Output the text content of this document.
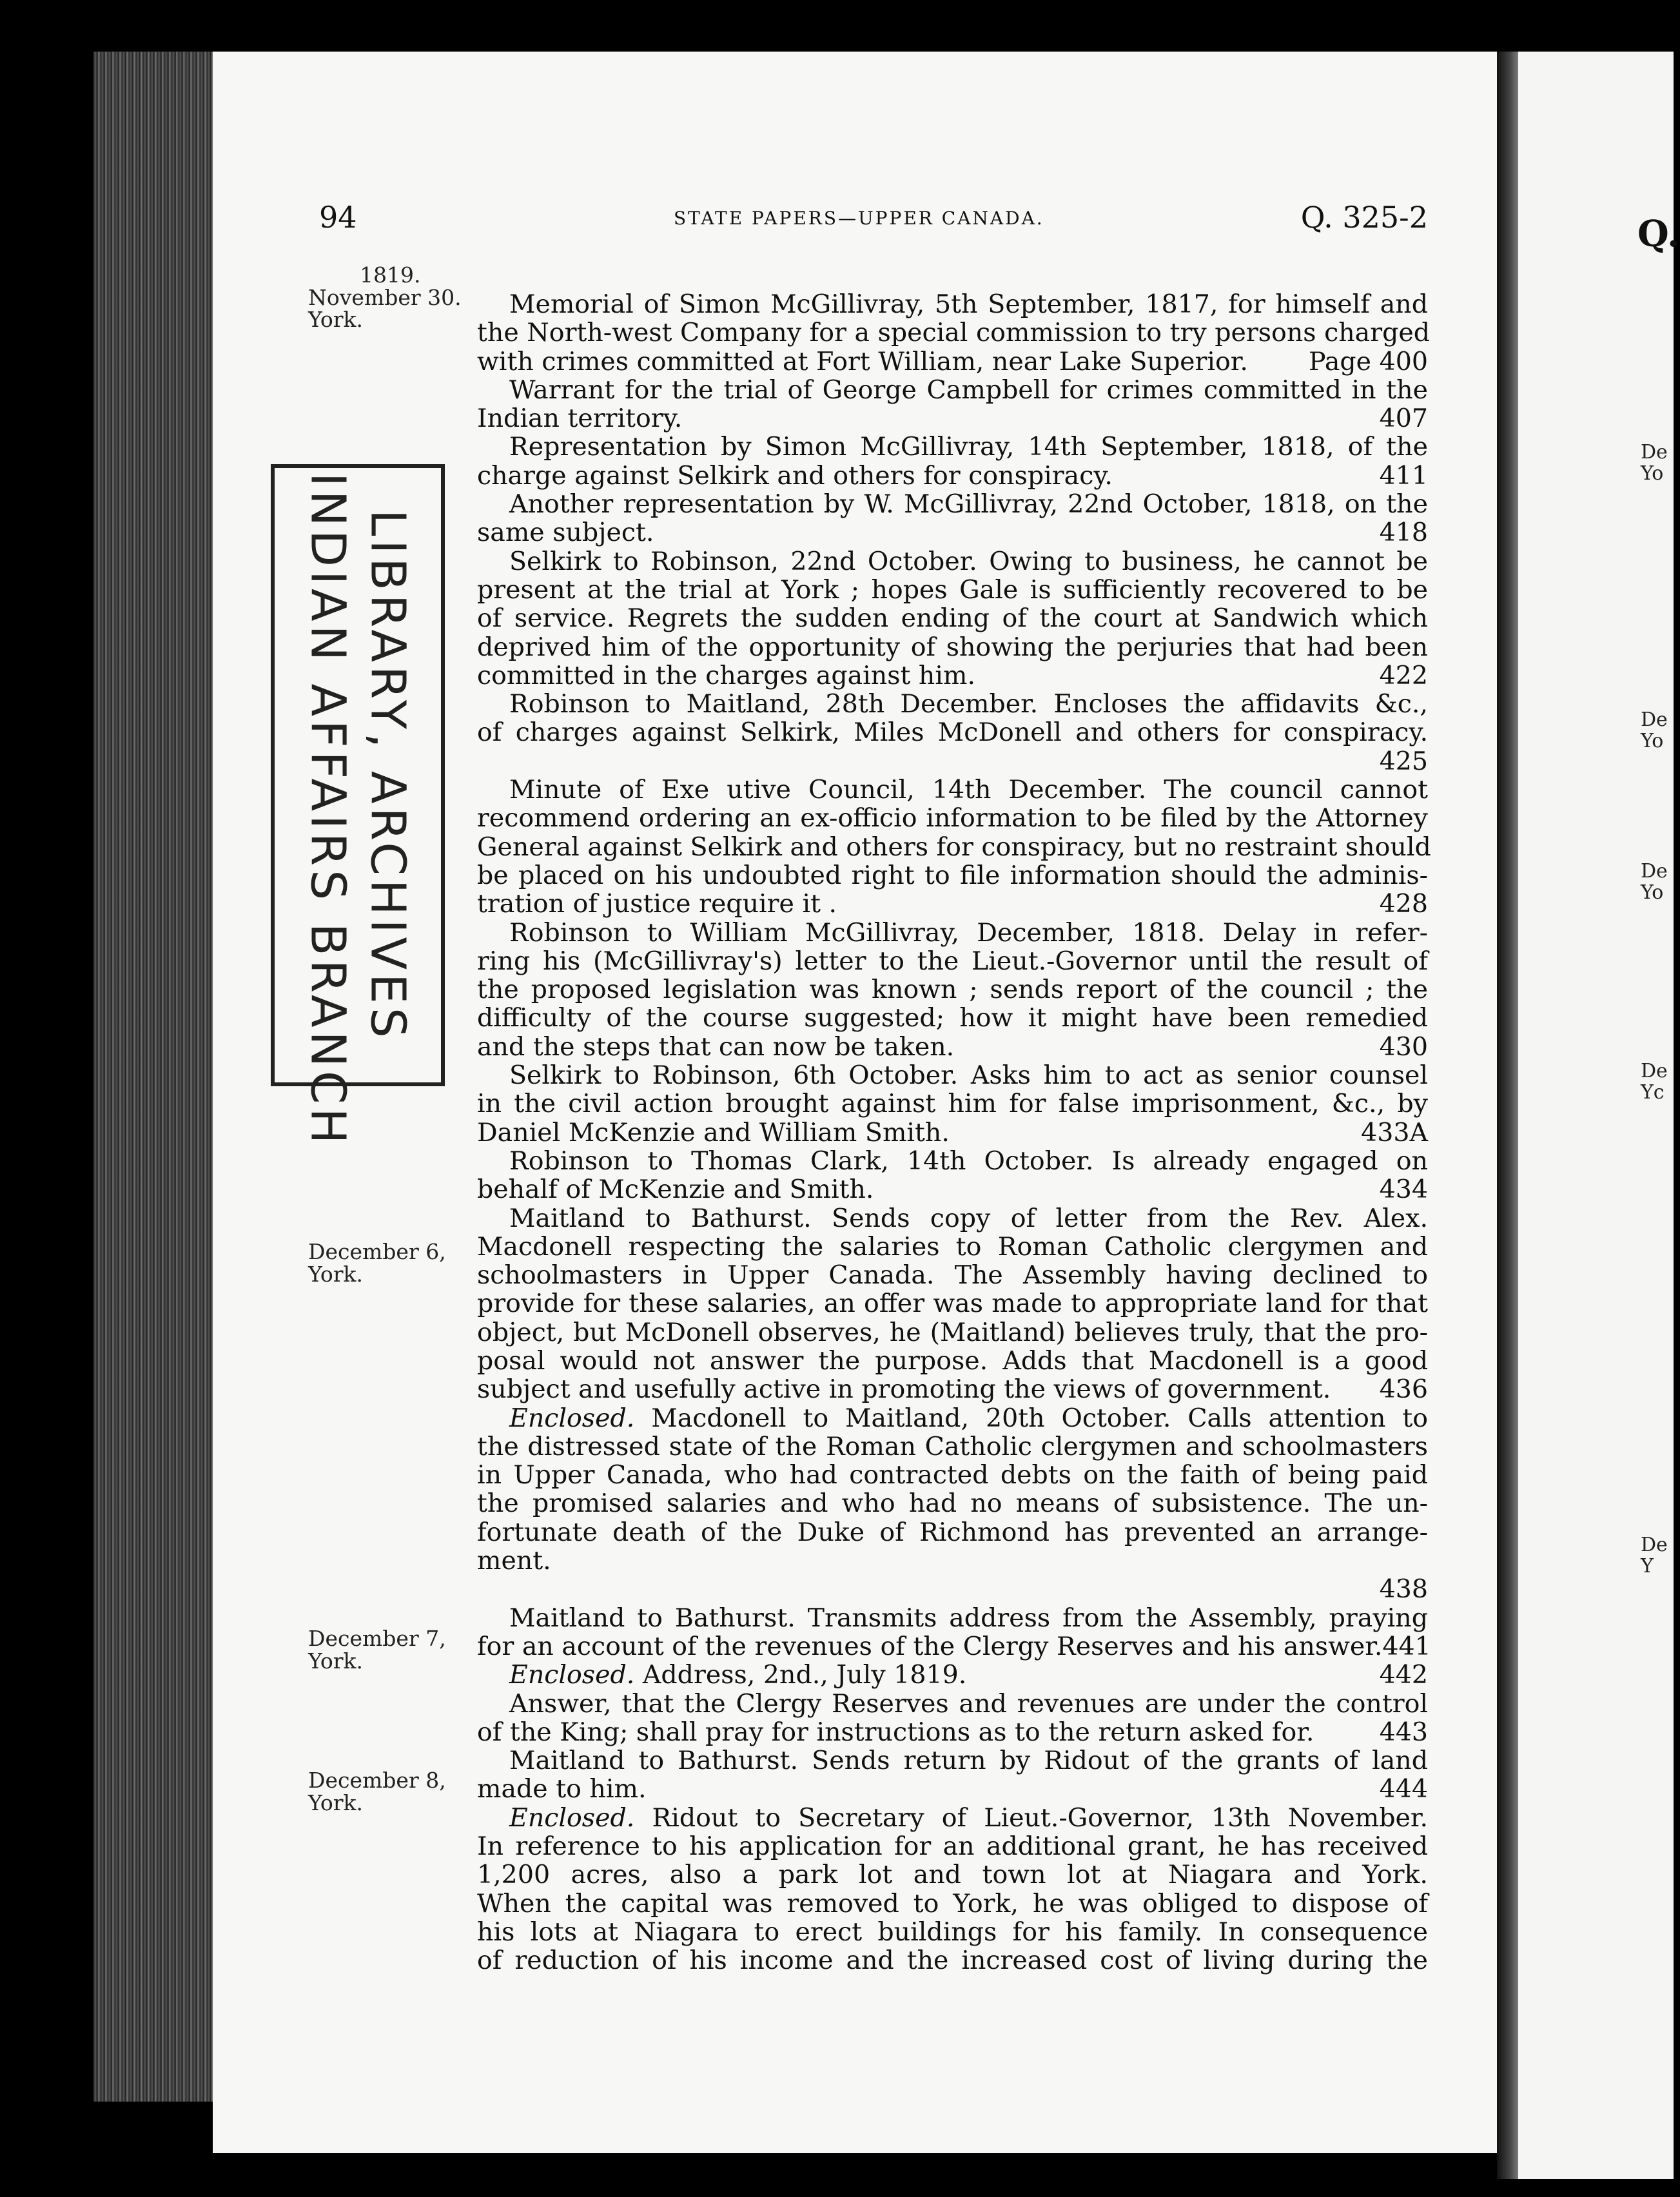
Q.
De
Yo
De
Yo
De
Yo
De
Yc
De
Y
94	STATE PAPERS—UPPER CANADA.	Q. 325-2
LIBRARY, ARCHIVES
INDIAN AFFAIRS BRANCH
1819.
November 30.
York.
December 6,
York.
December 7,
York.
December 8,
York.
Memorial of Simon McGillivray, 5th September, 1817, for himself and
the North-west Company for a special commission to try persons charged
with crimes committed at Fort William, near Lake Superior. Page 400
Warrant for the trial of George Campbell for crimes committed in the
Indian territory.	407
Representation by Simon McGillivray, 14th September, 1818, of the
charge against Selkirk and others for conspiracy.	411
Another representation by W. McGillivray, 22nd October, 1818, on the
same subject.	418
Selkirk to Robinson, 22nd October. Owing to business, he cannot be
present at the trial at York ; hopes Gale is sufficiently recovered to be
of service. Regrets the sudden ending of the court at Sandwich which
deprived him of the opportunity of showing the perjuries that had been
committed in the charges against him.	422
Robinson to Maitland, 28th December. Encloses the affidavits &c.,
of charges against Selkirk, Miles McDonell and others for conspiracy.
425
Minute of Exe utive Council, 14th December. The council cannot
recommend ordering an ex-officio information to be filed by the Attorney
General against Selkirk and others for conspiracy, but no restraint should
be placed on his undoubted right to file information should the adminis-
tration of justice require it .	428
Robinson to William McGillivray, December, 1818. Delay in refer-
ring his (McGillivray's) letter to the Lieut.-Governor until the result of
the proposed legislation was known ; sends report of the council ; the
difficulty of the course suggested; how it might have been remedied
and the steps that can now be taken.	430
Selkirk to Robinson, 6th October. Asks him to act as senior counsel
in the civil action brought against him for false imprisonment, &c., by
Daniel McKenzie and William Smith.	433A
Robinson to Thomas Clark, 14th October. Is already engaged on
behalf of McKenzie and Smith.	434
Maitland to Bathurst. Sends copy of letter from the Rev. Alex.
Macdonell respecting the salaries to Roman Catholic clergymen and
schoolmasters in Upper Canada. The Assembly having declined to
provide for these salaries, an offer was made to appropriate land for that
object, but McDonell observes, he (Maitland) believes truly, that the pro-
posal would not answer the purpose. Adds that Macdonell is a good
subject and usefully active in promoting the views of government. 436
Enclosed. Macdonell to Maitland, 20th October. Calls attention to
the distressed state of the Roman Catholic clergymen and schoolmasters
in Upper Canada, who had contracted debts on the faith of being paid
the promised salaries and who had no means of subsistence. The un-
fortunate death of the Duke of Richmond has prevented an arrange-
ment.
438
Maitland to Bathurst. Transmits address from the Assembly, praying
for an account of the revenues of the Clergy Reserves and his answer. 441
Enclosed. Address, 2nd., July 1819.	442
Answer, that the Clergy Reserves and revenues are under the control
of the King; shall pray for instructions as to the return asked for.	443
Maitland to Bathurst. Sends return by Ridout of the grants of land
made to him.	444
Enclosed. Ridout to Secretary of Lieut.-Governor, 13th November.
In reference to his application for an additional grant, he has received
1,200 acres, also a park lot and town lot at Niagara and York.
When the capital was removed to York, he was obliged to dispose of
his lots at Niagara to erect buildings for his family. In consequence
of reduction of his income and the increased cost of living during the
